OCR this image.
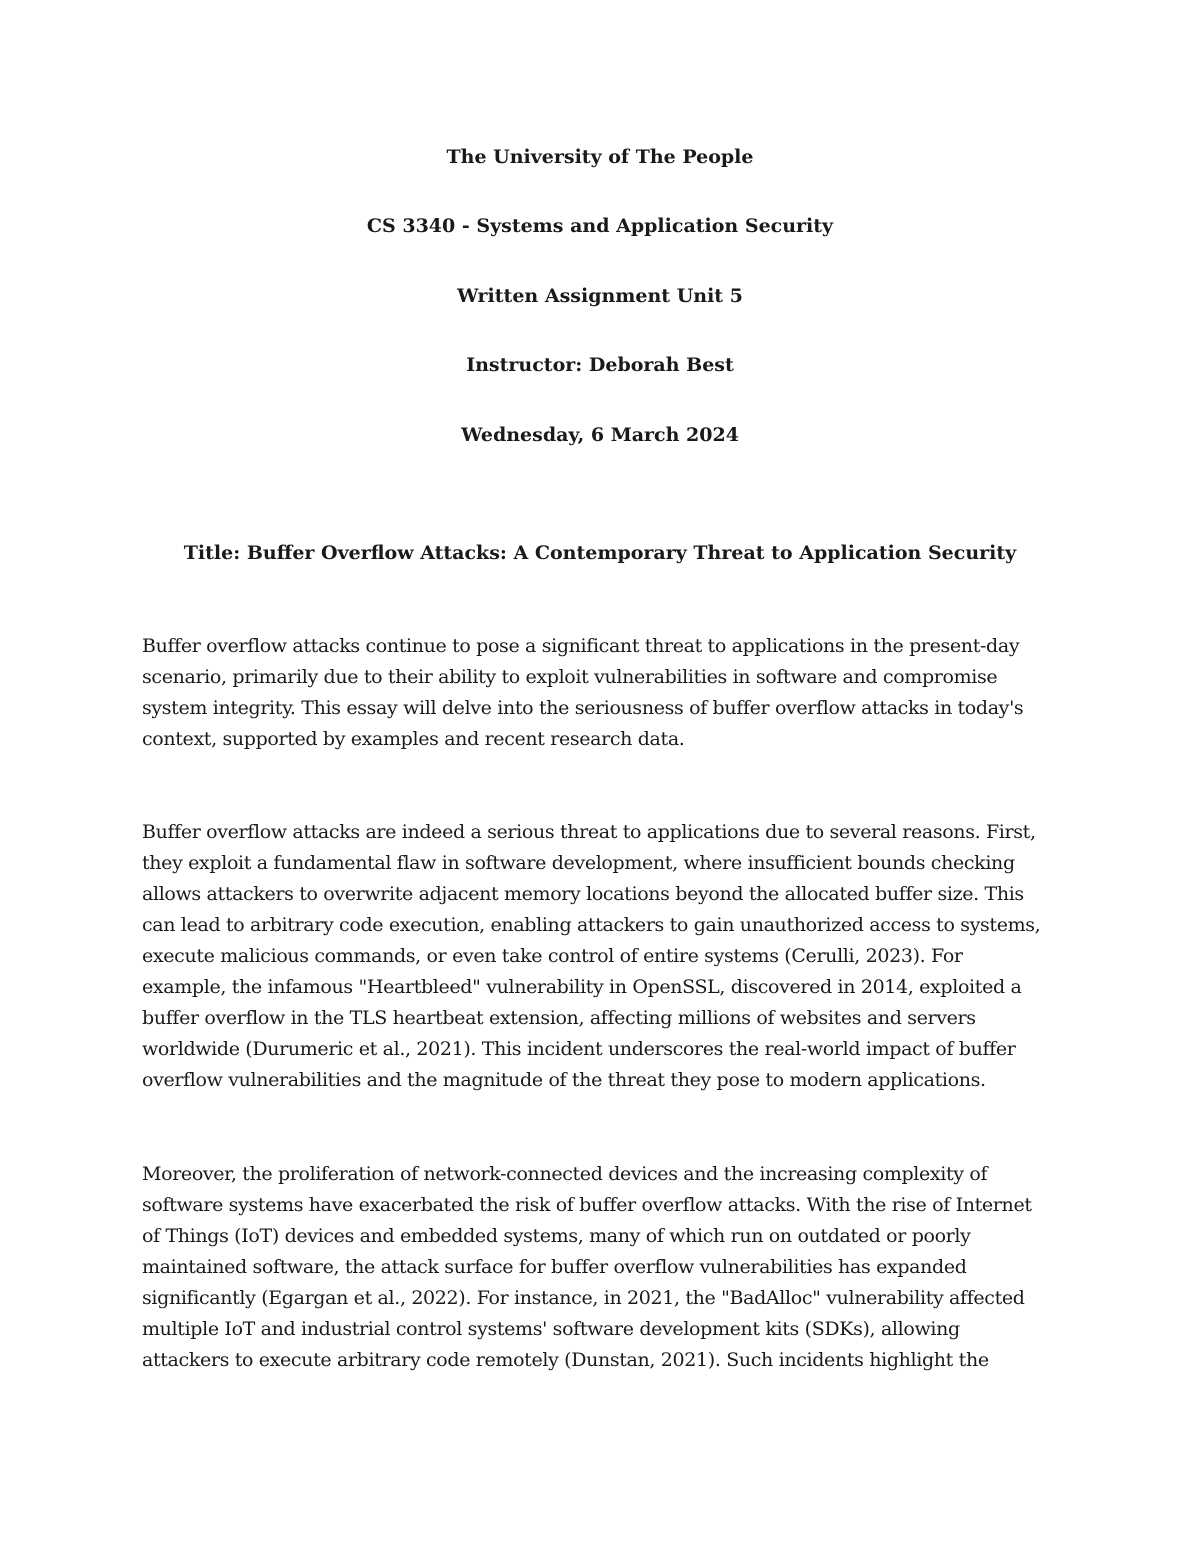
The University of The People
CS 3340 - Systems and Application Security
Written Assignment Unit 5
Instructor: Deborah Best
Wednesday, 6 March 2024
Title: Buffer Overflow Attacks: A Contemporary Threat to Application Security
Buffer overflow attacks continue to pose a significant threat to applications in the present-day
scenario, primarily due to their ability to exploit vulnerabilities in software and compromise
system integrity. This essay will delve into the seriousness of buffer overflow attacks in today's
context, supported by examples and recent research data.
Buffer overflow attacks are indeed a serious threat to applications due to several reasons. First,
they exploit a fundamental flaw in software development, where insufficient bounds checking
allows attackers to overwrite adjacent memory locations beyond the allocated buffer size. This
can lead to arbitrary code execution, enabling attackers to gain unauthorized access to systems,
execute malicious commands, or even take control of entire systems (Cerulli, 2023). For
example, the infamous "Heartbleed" vulnerability in OpenSSL, discovered in 2014, exploited a
buffer overflow in the TLS heartbeat extension, affecting millions of websites and servers
worldwide (Durumeric et al., 2021). This incident underscores the real-world impact of buffer
overflow vulnerabilities and the magnitude of the threat they pose to modern applications.
Moreover, the proliferation of network-connected devices and the increasing complexity of
software systems have exacerbated the risk of buffer overflow attacks. With the rise of Internet
of Things (IoT) devices and embedded systems, many of which run on outdated or poorly
maintained software, the attack surface for buffer overflow vulnerabilities has expanded
significantly (Egargan et al., 2022). For instance, in 2021, the "BadAlloc" vulnerability affected
multiple IoT and industrial control systems' software development kits (SDKs), allowing
attackers to execute arbitrary code remotely (Dunstan, 2021). Such incidents highlight the
